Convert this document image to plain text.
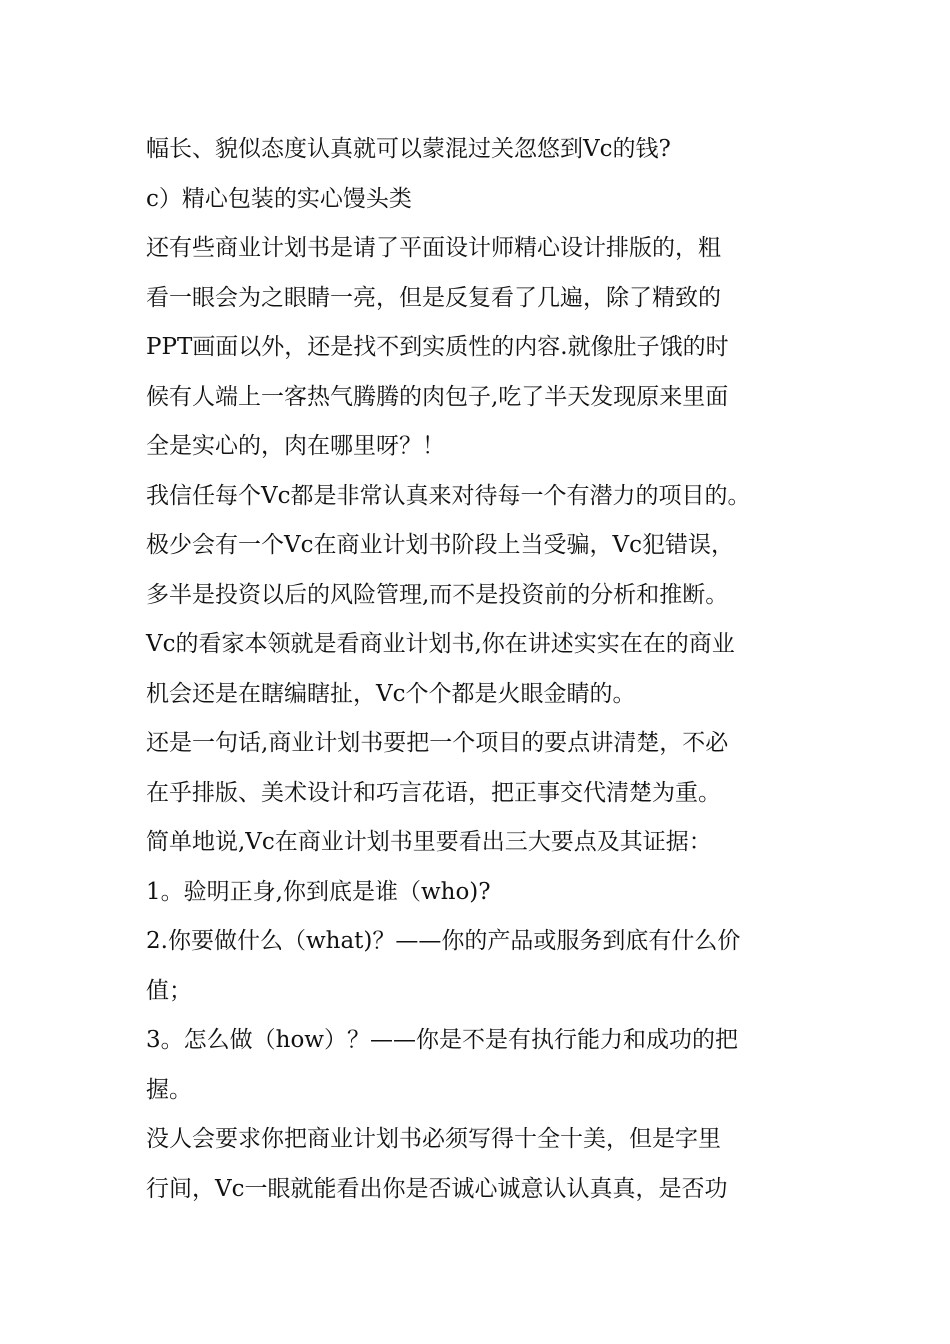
幅长、貌似态度认真就可以蒙混过关忽悠到Vc的钱?
c）精心包装的实心馒头类
还有些商业计划书是请了平面设计师精心设计排版的，粗
看一眼会为之眼睛一亮，但是反复看了几遍，除了精致的
PPT画面以外，还是找不到实质性的内容.就像肚子饿的时
候有人端上一客热气腾腾的肉包子,吃了半天发现原来里面
全是实心的，肉在哪里呀？！
我信任每个Vc都是非常认真来对待每一个有潜力的项目的。
极少会有一个Vc在商业计划书阶段上当受骗，Vc犯错误，
多半是投资以后的风险管理,而不是投资前的分析和推断。
Vc的看家本领就是看商业计划书,你在讲述实实在在的商业
机会还是在瞎编瞎扯，Vc个个都是火眼金睛的。
还是一句话,商业计划书要把一个项目的要点讲清楚，不必
在乎排版、美术设计和巧言花语，把正事交代清楚为重。
简单地说,Vc在商业计划书里要看出三大要点及其证据：
1。验明正身,你到底是谁（who)?
2.你要做什么（what)？——你的产品或服务到底有什么价
值；
3。怎么做（how）？——你是不是有执行能力和成功的把
握。
没人会要求你把商业计划书必须写得十全十美，但是字里
行间，Vc一眼就能看出你是否诚心诚意认认真真，是否功
